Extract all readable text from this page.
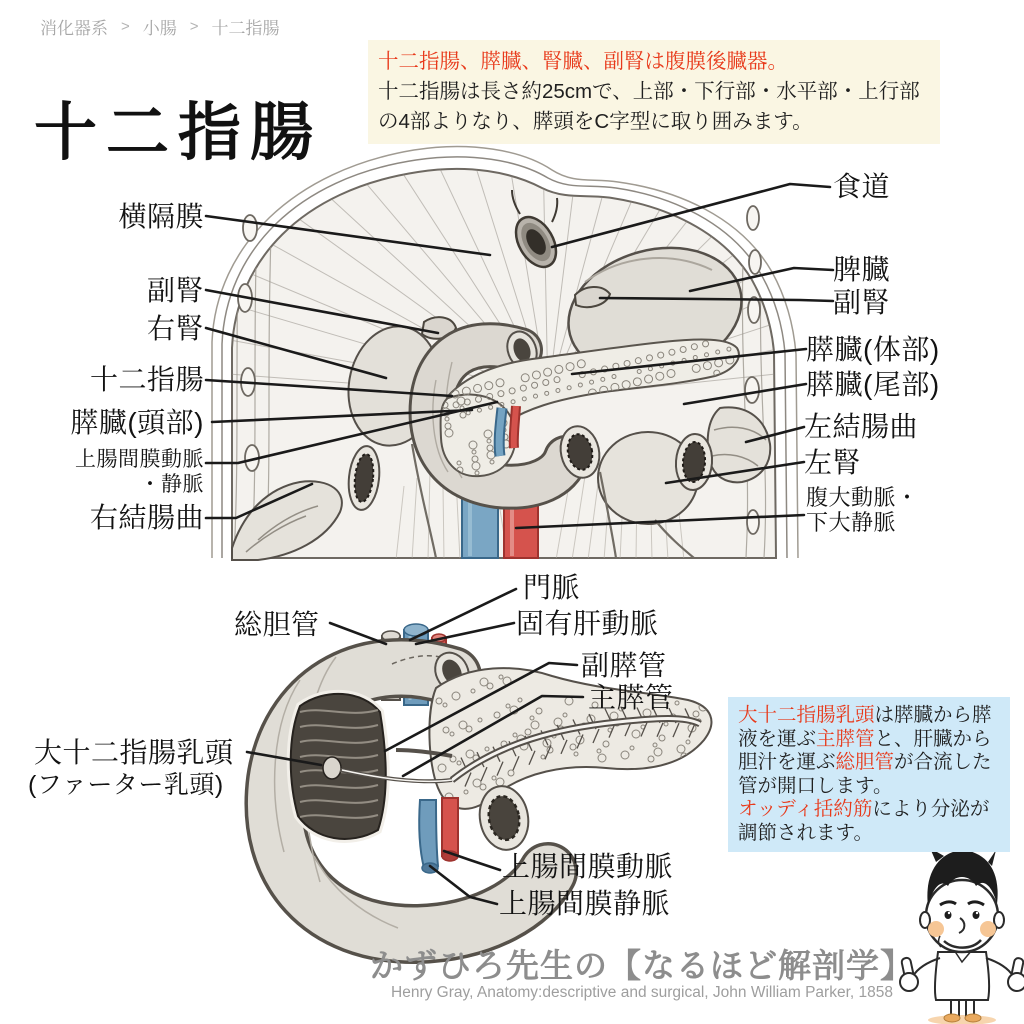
消化器系 > 小腸 > 十二指腸
十二指腸
十二指腸、膵臓、腎臓、副腎は腹膜後臓器。
十二指腸は長さ約25cmで、上部・下行部・水平部・上行部
の4部よりなり、膵頭をC字型に取り囲みます。
横隔膜
副腎
右腎
十二指腸
膵臓(頭部)
上腸間膜動脈
・静脈
右結腸曲
食道
脾臓
副腎
膵臓(体部)
膵臓(尾部)
左結腸曲
左腎
腹大動脈・
下大静脈
総胆管
門脈
固有肝動脈
副膵管
主膵管
大十二指腸乳頭
(ファーター乳頭)
上腸間膜動脈
上腸間膜静脈
大十二指腸乳頭は膵臓から膵液を運ぶ主膵管と、肝臓から胆汁を運ぶ総胆管が合流した管が開口します。
オッディ括約筋により分泌が調節されます。
かずひろ先生の【なるほど解剖学】
Henry Gray, Anatomy:descriptive and surgical, John William Parker, 1858
